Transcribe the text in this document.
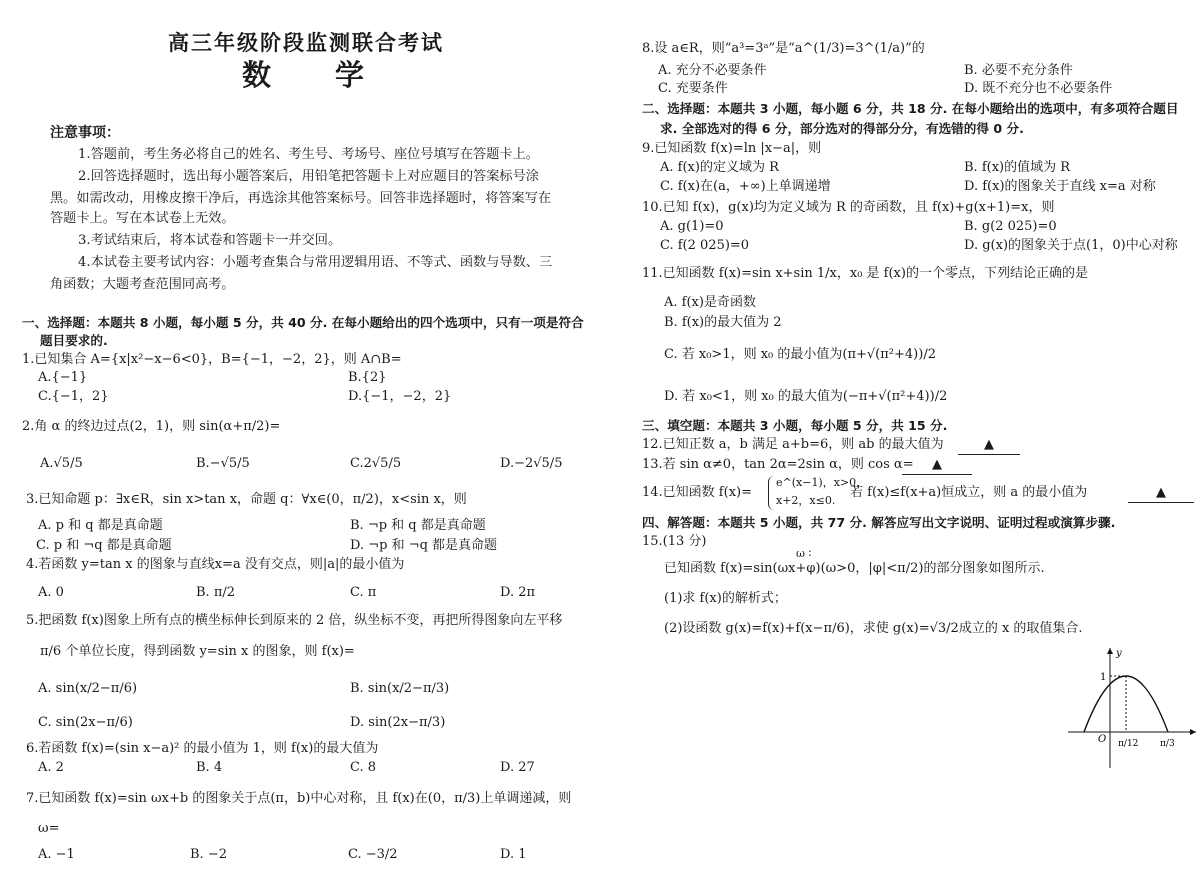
高三年级阶段监测联合考试
数　　学
注意事项：
1.答题前，考生务必将自己的姓名、考生号、考场号、座位号填写在答题卡上。
2.回答选择题时，选出每小题答案后，用铅笔把答题卡上对应题目的答案标号涂
黑。如需改动，用橡皮擦干净后，再选涂其他答案标号。回答非选择题时，将答案写在
答题卡上。写在本试卷上无效。
3.考试结束后，将本试卷和答题卡一并交回。
4.本试卷主要考试内容：小题考查集合与常用逻辑用语、不等式、函数与导数、三
角函数；大题考查范围同高考。
一、选择题：本题共 8 小题，每小题 5 分，共 40 分. 在每小题给出的四个选项中，只有一项是符合
题目要求的.
1.已知集合 A={x|x²−x−6<0}，B={−1，−2，2}，则 A∩B=
A.{−1}	B.{2}
C.{−1，2}	D.{−1，−2，2}
2.角 α 的终边过点(2，1)，则 sin(α+π/2)=
A.√5/5	B.−√5/5	C.2√5/5	D.−2√5/5
3.已知命题 p：∃x∈R，sin x>tan x，命题 q：∀x∈(0，π/2)，x<sin x，则
A. p 和 q 都是真命题	B. ¬p 和 q 都是真命题
C. p 和 ¬q 都是真命题	D. ¬p 和 ¬q 都是真命题
4.若函数 y=tan x 的图象与直线x=a 没有交点，则|a|的最小值为
A. 0	B. π/2	C. π	D. 2π
5.把函数 f(x)图象上所有点的横坐标伸长到原来的 2 倍，纵坐标不变，再把所得图象向左平移
π/6 个单位长度，得到函数 y=sin x 的图象，则 f(x)=
A. sin(x/2−π/6)	B. sin(x/2−π/3)
C. sin(2x−π/6)	D. sin(2x−π/3)
6.若函数 f(x)=(sin x−a)² 的最小值为 1，则 f(x)的最大值为
A. 2	B. 4	C. 8	D. 27
7.已知函数 f(x)=sin ωx+b 的图象关于点(π，b)中心对称，且 f(x)在(0，π/3)上单调递减，则
ω=
A. −1	B. −2	C. −3/2	D. 1
8.设 a∈R，则“a³=3ᵃ”是“a^(1/3)=3^(1/a)”的
A. 充分不必要条件	B. 必要不充分条件
C. 充要条件	D. 既不充分也不必要条件
二、选择题：本题共 3 小题，每小题 6 分，共 18 分. 在每小题给出的选项中，有多项符合题目
求. 全部选对的得 6 分，部分选对的得部分分，有选错的得 0 分.
9.已知函数 f(x)=ln |x−a|，则
A. f(x)的定义域为 R	B. f(x)的值域为 R
C. f(x)在(a，+∞)上单调递增	D. f(x)的图象关于直线 x=a 对称
10.已知 f(x)，g(x)均为定义域为 R 的奇函数，且 f(x)+g(x+1)=x，则
A. g(1)=0	B. g(2 025)=0
C. f(2 025)=0	D. g(x)的图象关于点(1，0)中心对称
11.已知函数 f(x)=sin x+sin 1/x，x₀ 是 f(x)的一个零点，下列结论正确的是
A. f(x)是奇函数
B. f(x)的最大值为 2
C. 若 x₀>1，则 x₀ 的最小值为(π+√(π²+4))/2
D. 若 x₀<1，则 x₀ 的最大值为(−π+√(π²+4))/2
三、填空题：本题共 3 小题，每小题 5 分，共 15 分.
12.已知正数 a，b 满足 a+b=6，则 ab 的最大值为	▲
13.若 sin α≠0，tan 2α=2sin α，则 cos α=	▲
14.已知函数 f(x)=
e^(x−1)，x>0，
x+2，x≤0.
若 f(x)≤f(x+a)恒成立，则 a 的最小值为	▲
四、解答题：本题共 5 小题，共 77 分. 解答应写出文字说明、证明过程或演算步骤.
15.(13 分)
ω ∶
已知函数 f(x)=sin(ωx+φ)(ω>0，|φ|<π/2)的部分图象如图所示.
(1)求 f(x)的解析式；
(2)设函数 g(x)=f(x)+f(x−π/6)，求使 g(x)=√3/2成立的 x 的取值集合.
y
1
O π/12 π/3
